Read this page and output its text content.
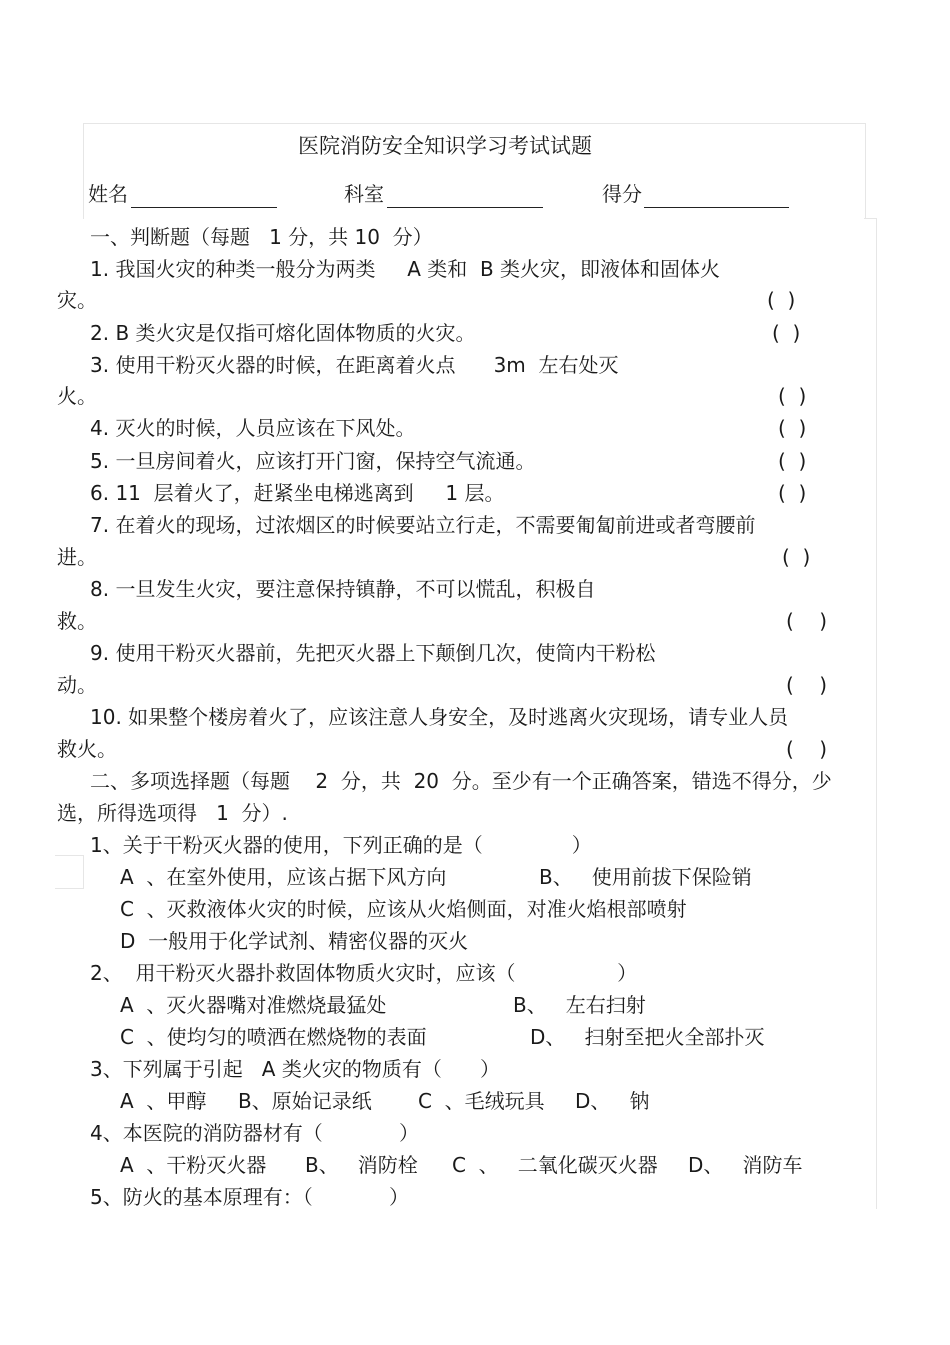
医院消防安全知识学习考试试题
姓名	科室	得分
一、判断题（每题   1 分，共 10  分）
1. 我国火灾的种类一般分为两类     A 类和  B 类火灾，即液体和固体火
灾。	(  )
2. B 类火灾是仅指可熔化固体物质的火灾。	(  )
3. 使用干粉灭火器的时候，在距离着火点      3m  左右处灭
火。	(  )
4. 灭火的时候，人员应该在下风处。	(  )
5. 一旦房间着火，应该打开门窗，保持空气流通。	(  )
6. 11  层着火了，赶紧坐电梯逃离到     1 层。	(  )
7. 在着火的现场，过浓烟区的时候要站立行走，不需要匍匐前进或者弯腰前
进。	(  )
8. 一旦发生火灾，要注意保持镇静，不可以慌乱，积极自
救。	(    )
9. 使用干粉灭火器前，先把灭火器上下颠倒几次，使筒内干粉松
动。	(    )
10. 如果整个楼房着火了，应该注意人身安全，及时逃离火灾现场，请专业人员
救火。	(    )
二、多项选择题（每题    2  分，共  20  分。至少有一个正确答案，错选不得分，少
选，所得选项得   1  分）.
1、关于干粉灭火器的使用，下列正确的是（              ）
A  、在室外使用，应该占据下风方向	B、   使用前拔下保险销
C  、灭救液体火灾的时候，应该从火焰侧面，对准火焰根部喷射
D  一般用于化学试剂、精密仪器的灭火
2、  用干粉灭火器扑救固体物质火灾时，应该（                ）
A  、灭火器嘴对准燃烧最猛处	B、   左右扫射
C  、使均匀的喷洒在燃烧物的表面	D、   扫射至把火全部扑灭
3、下列属于引起   A 类火灾的物质有（      ）
A  、甲醇 B、原始记录纸 C  、毛绒玩具 D、   钠
4、本医院的消防器材有（            ）
A  、干粉灭火器 B、   消防栓 C  、   二氧化碳灭火器 D、   消防车
5、防火的基本原理有：（            ）
